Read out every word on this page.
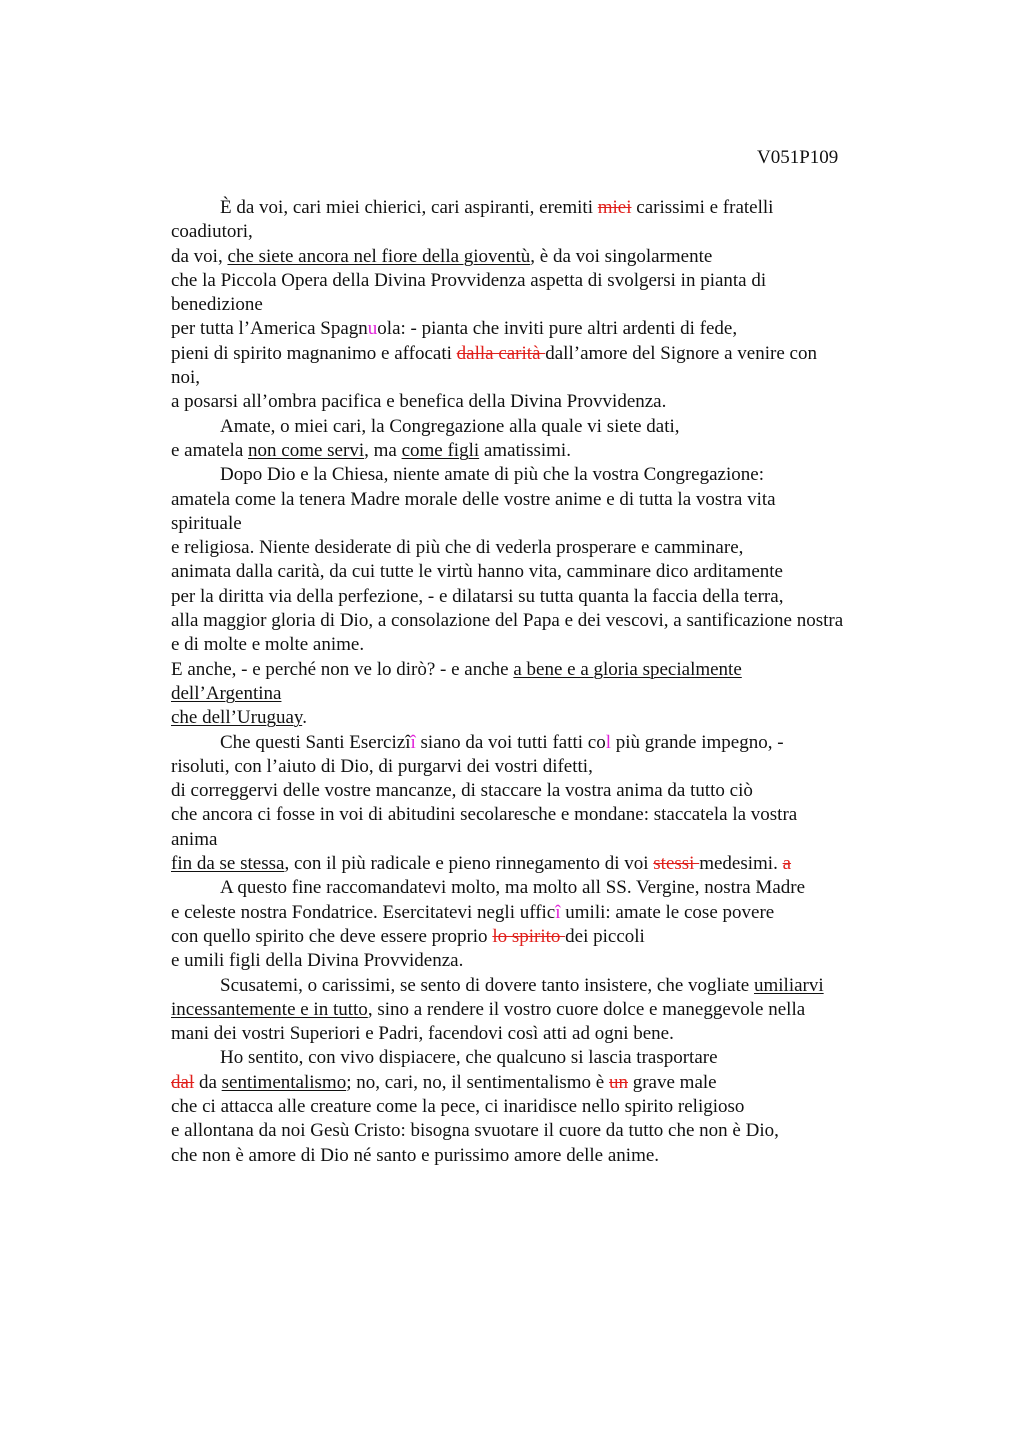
V051P109
È da voi, cari miei chierici, cari aspiranti, eremiti miei carissimi e fratelli
coadiutori,
da voi, che siete ancora nel fiore della gioventù, è da voi singolarmente
che la Piccola Opera della Divina Provvidenza aspetta di svolgersi in pianta di
benedizione
per tutta l’America Spagnuola: - pianta che inviti pure altri ardenti di fede,
pieni di spirito magnanimo e affocati dalla carità dall’amore del Signore a venire con
noi,
a posarsi all’ombra pacifica e benefica della Divina Provvidenza.
Amate, o miei cari, la Congregazione alla quale vi siete dati,
e amatela non come servi, ma come figli amatissimi.
Dopo Dio e la Chiesa, niente amate di più che la vostra Congregazione:
amatela come la tenera Madre morale delle vostre anime e di tutta la vostra vita
spirituale
e religiosa. Niente desiderate di più che di vederla prosperare e camminare,
animata dalla carità, da cui tutte le virtù hanno vita, camminare dico arditamente
per la diritta via della perfezione, - e dilatarsi su tutta quanta la faccia della terra,
alla maggior gloria di Dio, a consolazione del Papa e dei vescovi, a santificazione nostra
e di molte e molte anime.
E anche, - e perché non ve lo dirò? - e anche a bene e a gloria specialmente
dell’Argentina
che dell’Uruguay.
Che questi Santi Esercizîî siano da voi tutti fatti col più grande impegno, -
risoluti, con l’aiuto di Dio, di purgarvi dei vostri difetti,
di correggervi delle vostre mancanze, di staccare la vostra anima da tutto ciò
che ancora ci fosse in voi di abitudini secolaresche e mondane: staccatela la vostra
anima
fin da se stessa, con il più radicale e pieno rinnegamento di voi stessi medesimi. a
A questo fine raccomandatevi molto, ma molto all SS. Vergine, nostra Madre
e celeste nostra Fondatrice. Esercitatevi negli ufficî umili: amate le cose povere
con quello spirito che deve essere proprio lo spirito dei piccoli
e umili figli della Divina Provvidenza.
Scusatemi, o carissimi, se sento di dovere tanto insistere, che vogliate umiliarvi
incessantemente e in tutto, sino a rendere il vostro cuore dolce e maneggevole nella
mani dei vostri Superiori e Padri, facendovi così atti ad ogni bene.
Ho sentito, con vivo dispiacere, che qualcuno si lascia trasportare
dal da sentimentalismo; no, cari, no, il sentimentalismo è un grave male
che ci attacca alle creature come la pece, ci inaridisce nello spirito religioso
e allontana da noi Gesù Cristo: bisogna svuotare il cuore da tutto che non è Dio,
che non è amore di Dio né santo e purissimo amore delle anime.
